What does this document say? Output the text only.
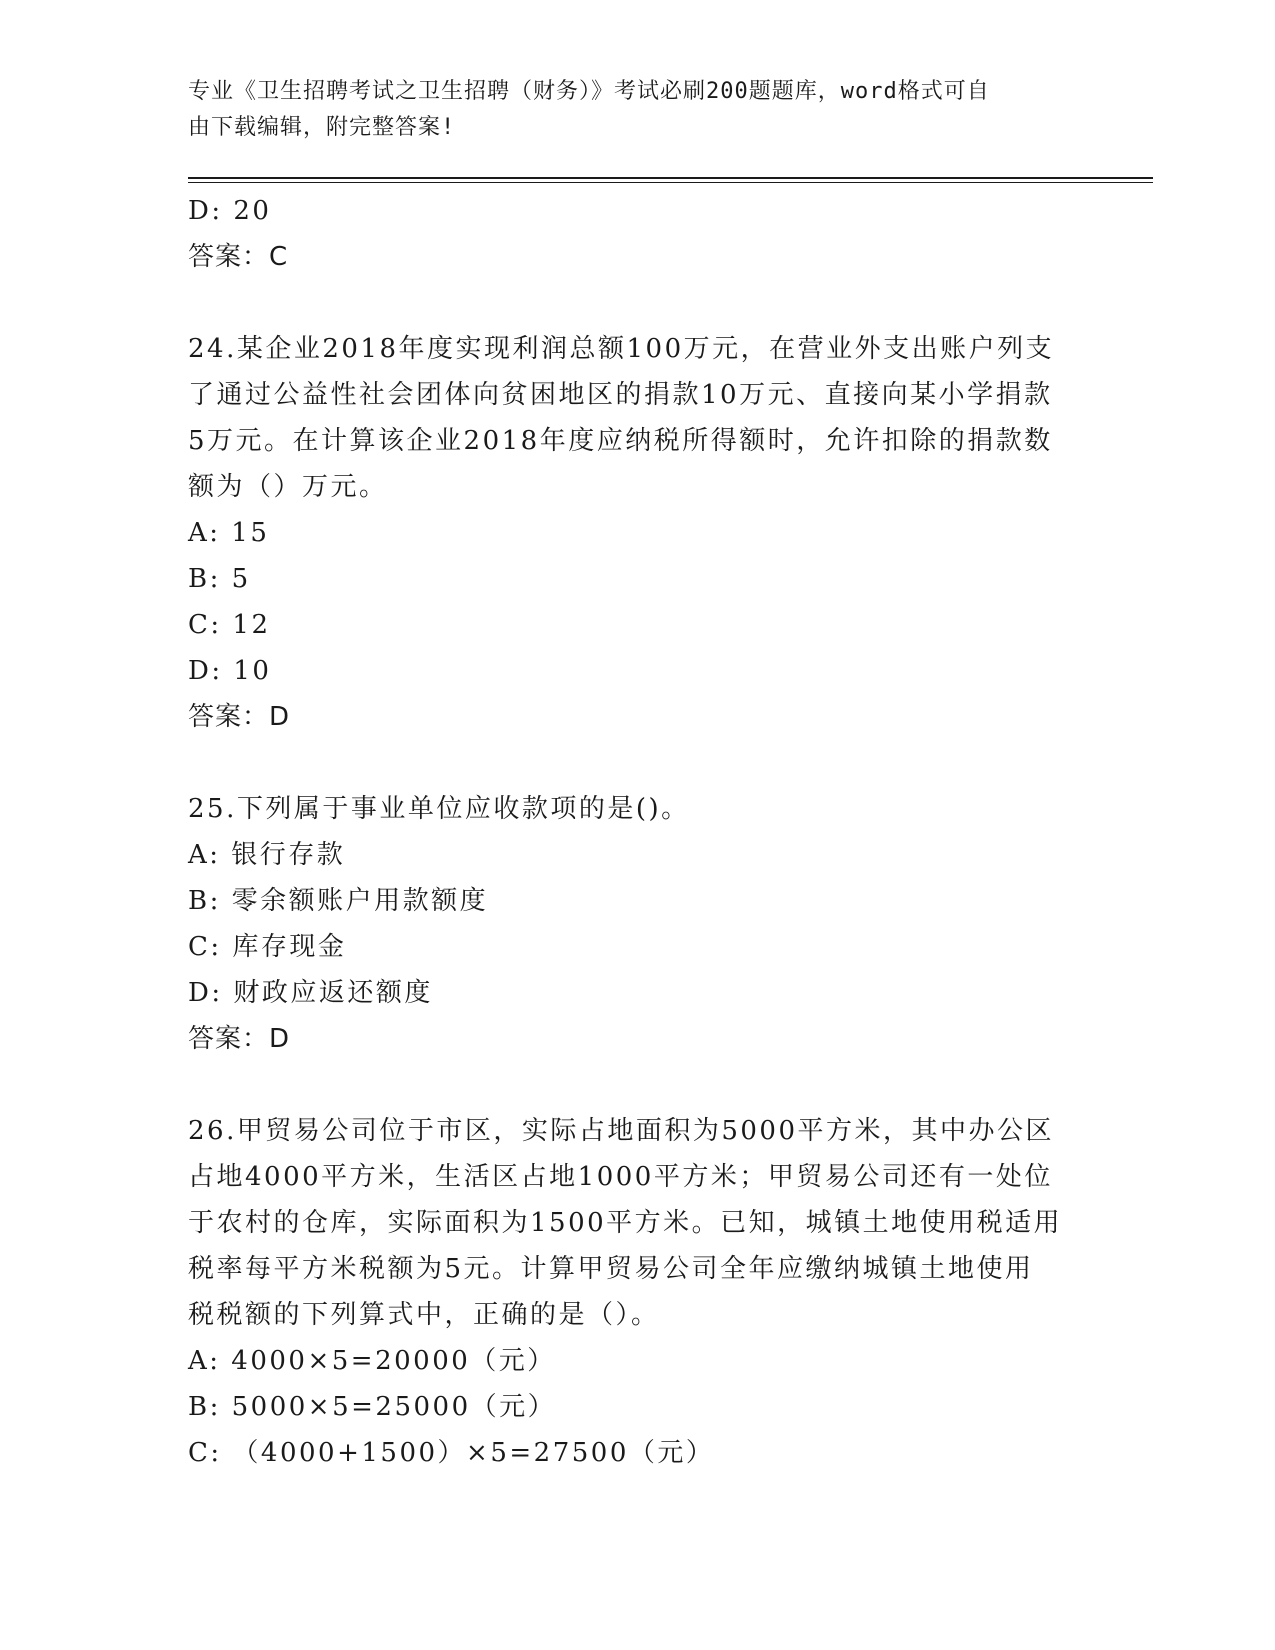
专业《卫生招聘考试之卫生招聘（财务）》考试必刷200题题库，word格式可自
由下载编辑，附完整答案!
D: 20
答案：C
24.某企业2018年度实现利润总额100万元，在营业外支出账户列支
了通过公益性社会团体向贫困地区的捐款10万元、直接向某小学捐款
5万元。在计算该企业2018年度应纳税所得额时，允许扣除的捐款数
额为（）万元。
A: 15
B: 5
C: 12
D: 10
答案：D
25.下列属于事业单位应收款项的是()。
A: 银行存款
B: 零余额账户用款额度
C: 库存现金
D: 财政应返还额度
答案：D
26.甲贸易公司位于市区，实际占地面积为5000平方米，其中办公区
占地4000平方米，生活区占地1000平方米；甲贸易公司还有一处位
于农村的仓库，实际面积为1500平方米。已知，城镇土地使用税适用
税率每平方米税额为5元。计算甲贸易公司全年应缴纳城镇土地使用
税税额的下列算式中，正确的是（）。
A: 4000×5=20000（元）
B: 5000×5=25000（元）
C: （4000+1500）×5=27500（元）
